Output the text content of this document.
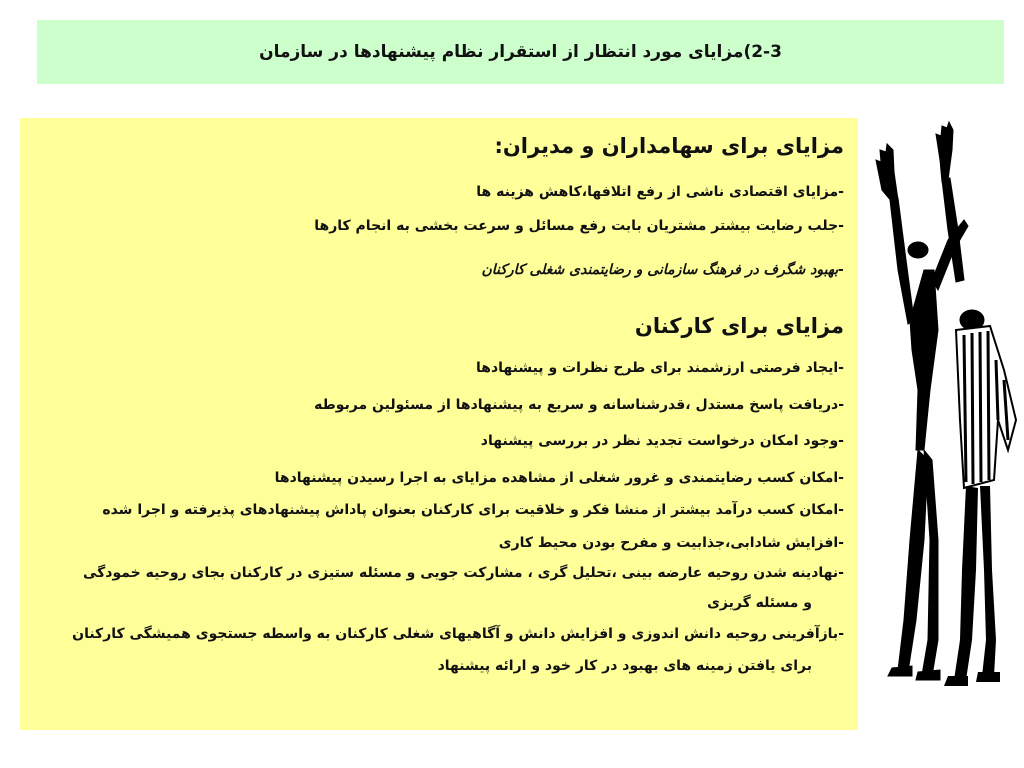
2-3)مزایای مورد انتظار از استقرار نظام پیشنهادها در سازمان
مزایای برای سهامداران و مدیران:
-مزایای اقتصادی ناشی از رفع اتلافها،کاهش هزینه ها
-جلب رضایت بیشتر مشتریان بابت رفع مسائل و سرعت بخشی به انجام کارها
-بهبود شگرف در فرهنگ سازمانی و رضایتمندی شغلی کارکنان
مزایای برای کارکنان
-ایجاد فرصتی ارزشمند برای طرح نظرات و پیشنهادها
-دریافت پاسخ مستدل ،قدرشناسانه و سریع به پیشنهادها از مسئولین مربوطه
-وجود امکان درخواست تجدید نظر در بررسی پیشنهاد
-امکان کسب رضایتمندی و غرور شغلی از مشاهده مزایای به اجرا رسیدن پیشنهادها
-امکان کسب درآمد بیشتر از منشا فکر و خلاقیت برای کارکنان بعنوان پاداش پیشنهادهای پذیرفته و اجرا شده
-افزایش شادابی،جذابیت و مفرح بودن محیط کاری
-نهادینه شدن روحیه عارضه بینی ،تحلیل گری ، مشارکت جویی و مسئله ستیزی در کارکنان بجای روحیه خمودگی
و مسئله گریزی
-بازآفرینی روحیه دانش اندوزی و افزایش دانش و آگاهیهای شغلی کارکنان به واسطه جستجوی همیشگی کارکنان
برای یافتن زمینه های بهبود در کار خود و ارائه پیشنهاد
